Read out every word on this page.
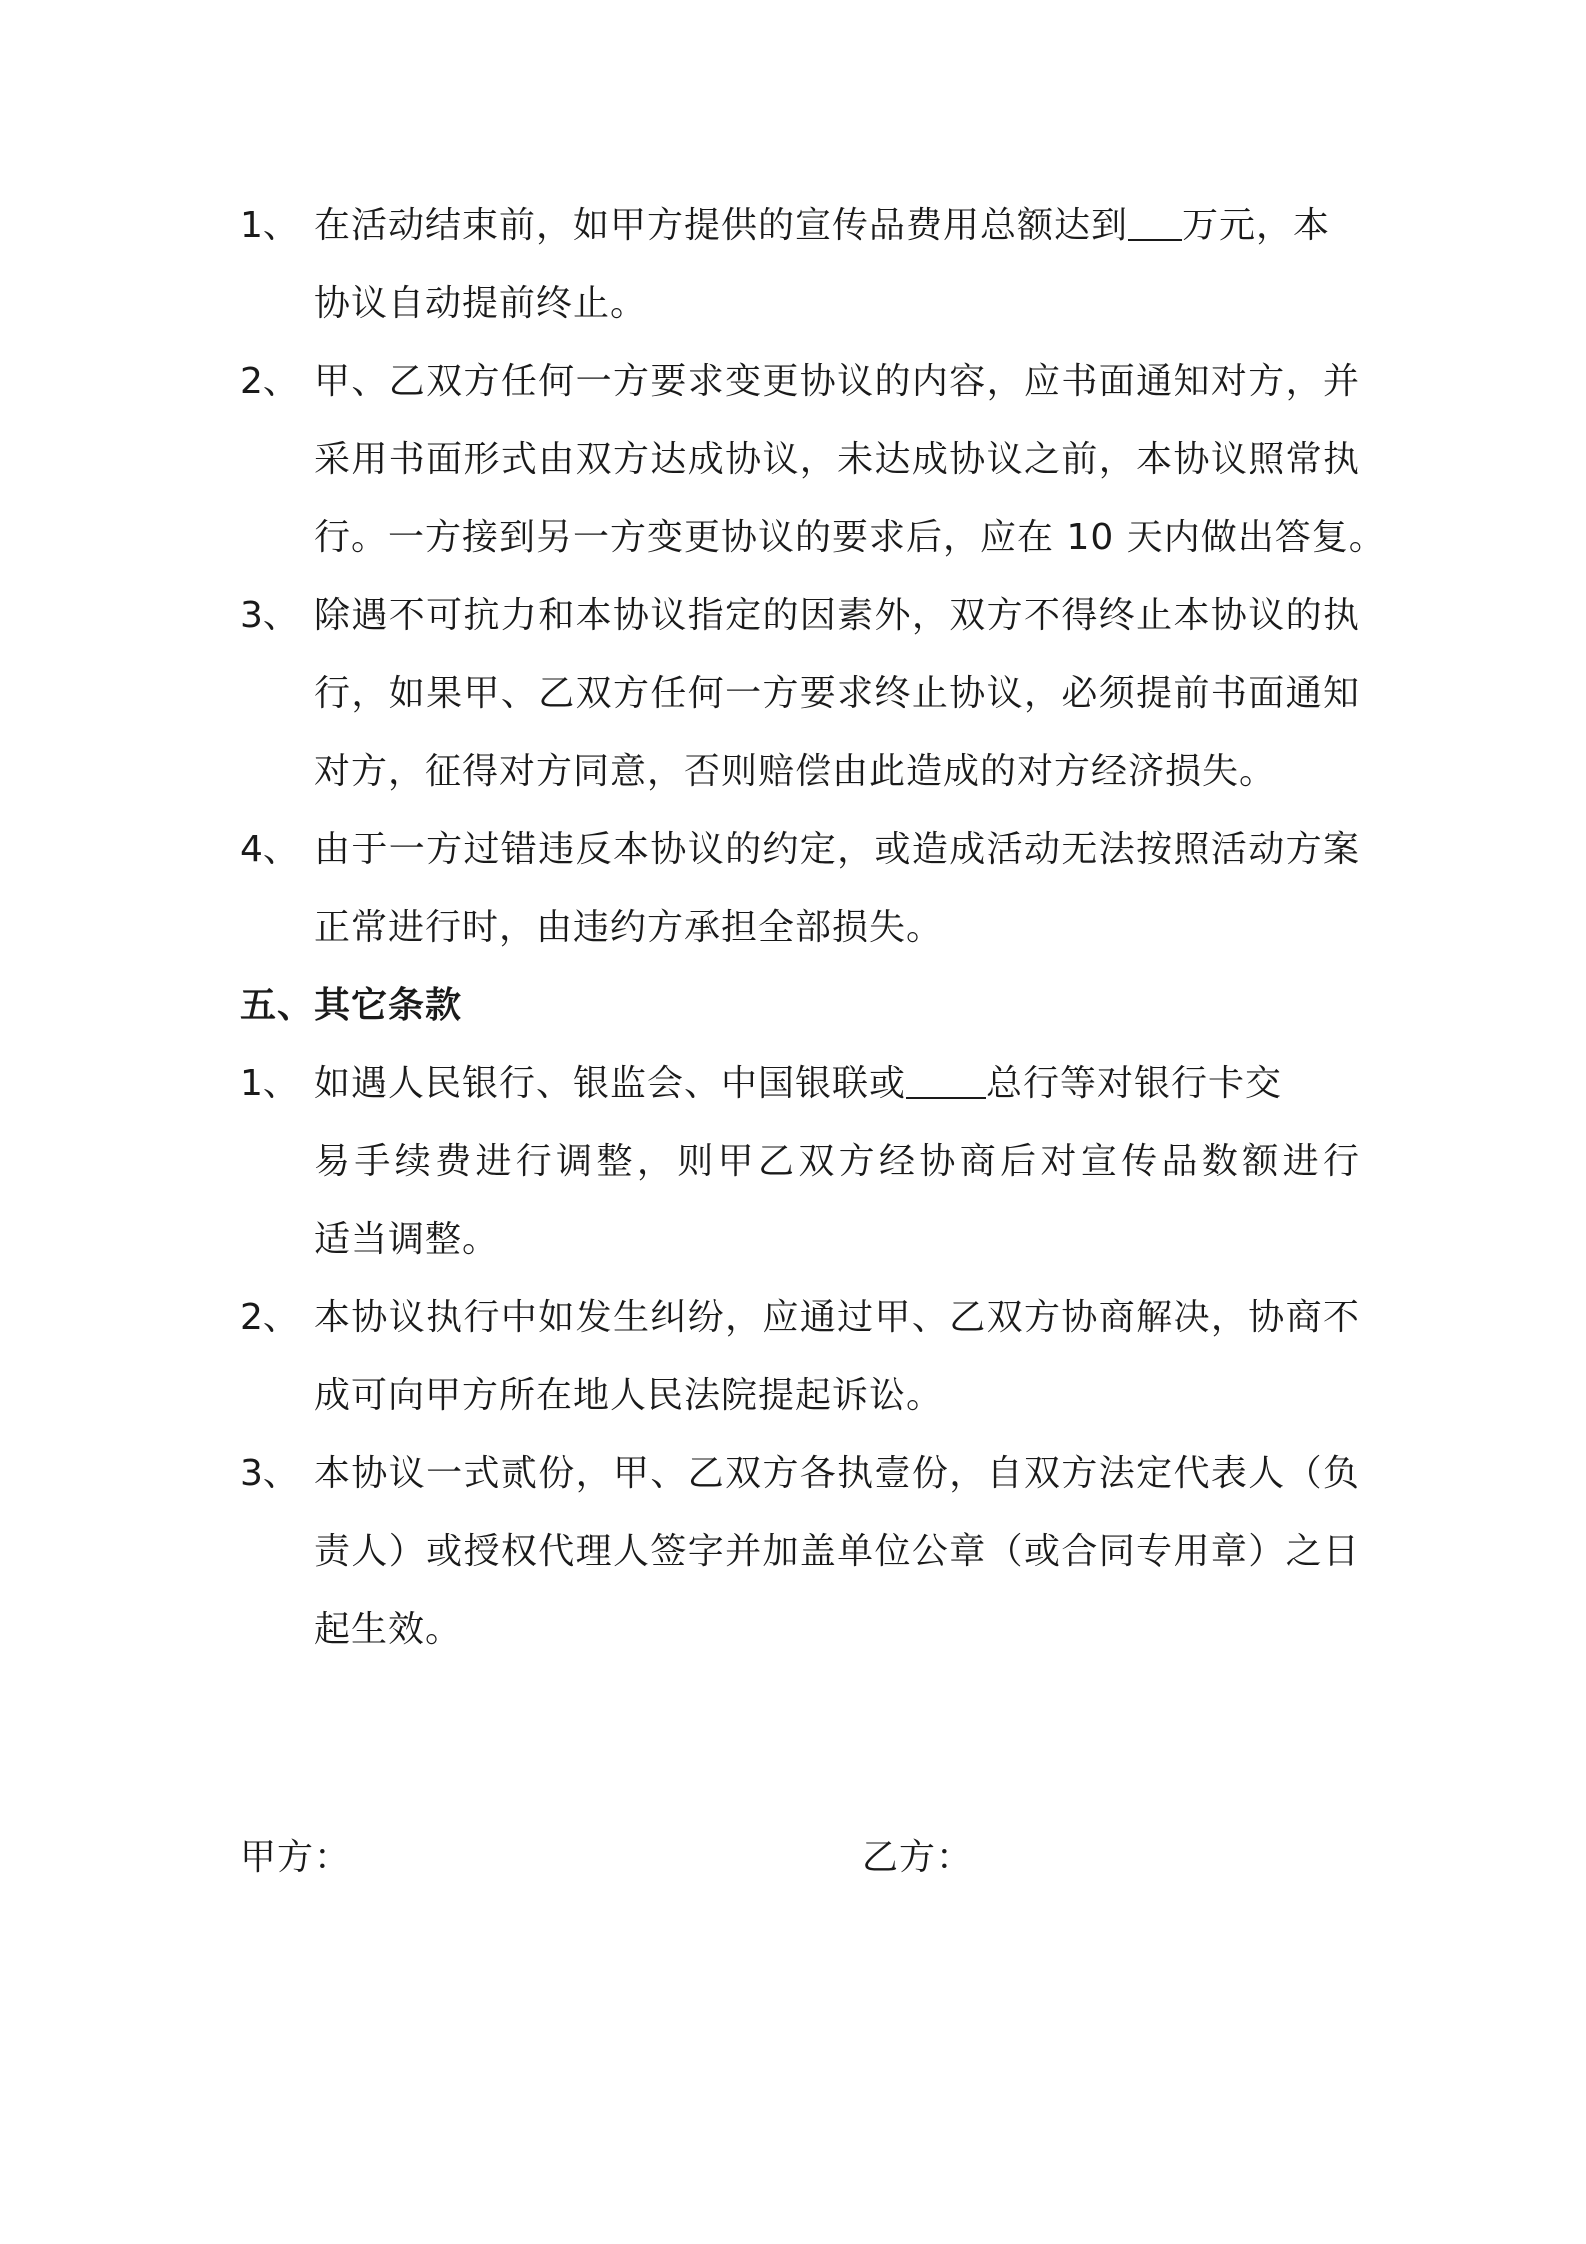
1、 在活动结束前，如甲方提供的宣传品费用总额达到 万元，本
协议自动提前终止。
2、 甲、乙双方任何一方要求变更协议的内容，应书面通知对方，并
采用书面形式由双方达成协议，未达成协议之前，本协议照常执
行。一方接到另一方变更协议的要求后，应在 10 天内做出答复。
3、 除遇不可抗力和本协议指定的因素外，双方不得终止本协议的执
行，如果甲、乙双方任何一方要求终止协议，必须提前书面通知
对方，征得对方同意，否则赔偿由此造成的对方经济损失。
4、 由于一方过错违反本协议的约定，或造成活动无法按照活动方案
正常进行时，由违约方承担全部损失。
五、其它条款
1、 如遇人民银行、银监会、中国银联或 总行等对银行卡交
易手续费进行调整，则甲乙双方经协商后对宣传品数额进行
适当调整。
2、 本协议执行中如发生纠纷，应通过甲、乙双方协商解决，协商不
成可向甲方所在地人民法院提起诉讼。
3、 本协议一式贰份，甲、乙双方各执壹份，自双方法定代表人（负
责人）或授权代理人签字并加盖单位公章（或合同专用章）之日
起生效。
甲方：	乙方：
